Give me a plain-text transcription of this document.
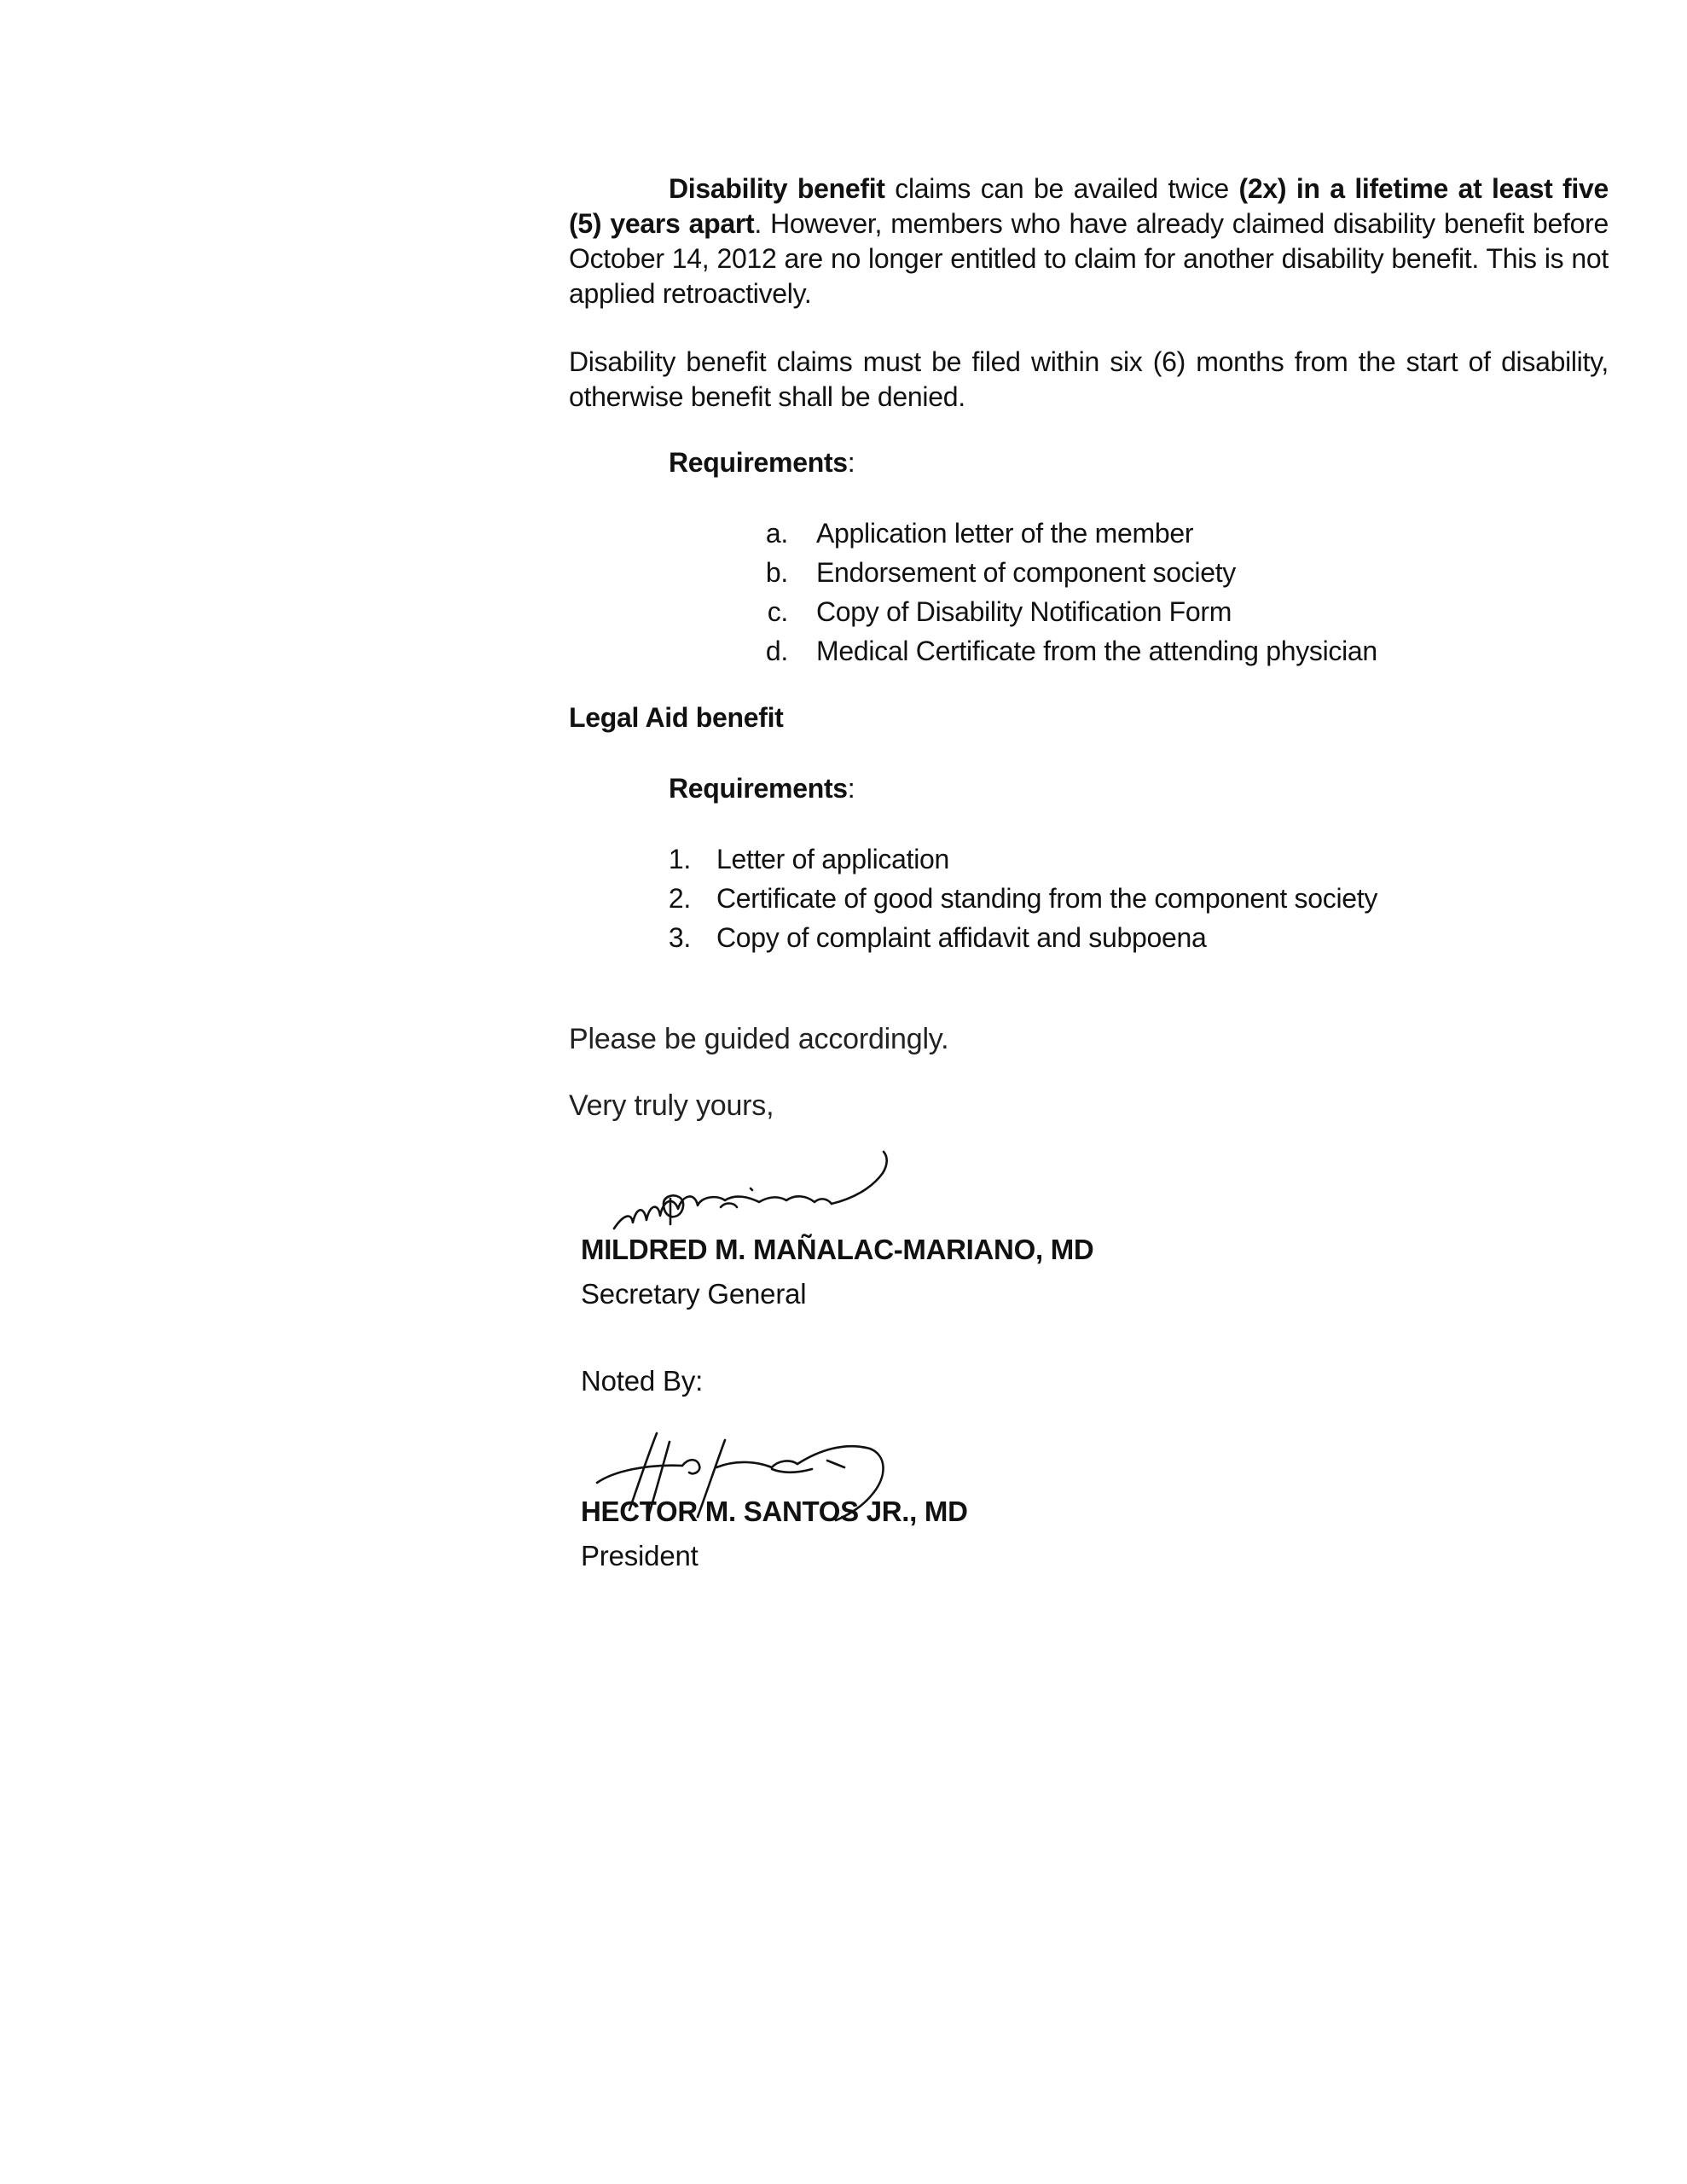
Disability benefit claims can be availed twice (2x) in a lifetime at least five (5) years apart. However, members who have already claimed disability benefit before October 14, 2012 are no longer entitled to claim for another disability benefit. This is not applied retroactively.
Disability benefit claims must be filed within six (6) months from the start of disability, otherwise benefit shall be denied.
Requirements:
a. Application letter of the member
b. Endorsement of component society
c. Copy of Disability Notification Form
d. Medical Certificate from the attending physician
Legal Aid benefit
Requirements:
1. Letter of application
2. Certificate of good standing from the component society
3. Copy of complaint affidavit and subpoena
Please be guided accordingly.
Very truly yours,
MILDRED M. MAÑALAC-MARIANO, MD
Secretary General
Noted By:
HECTOR M. SANTOS JR., MD
President
